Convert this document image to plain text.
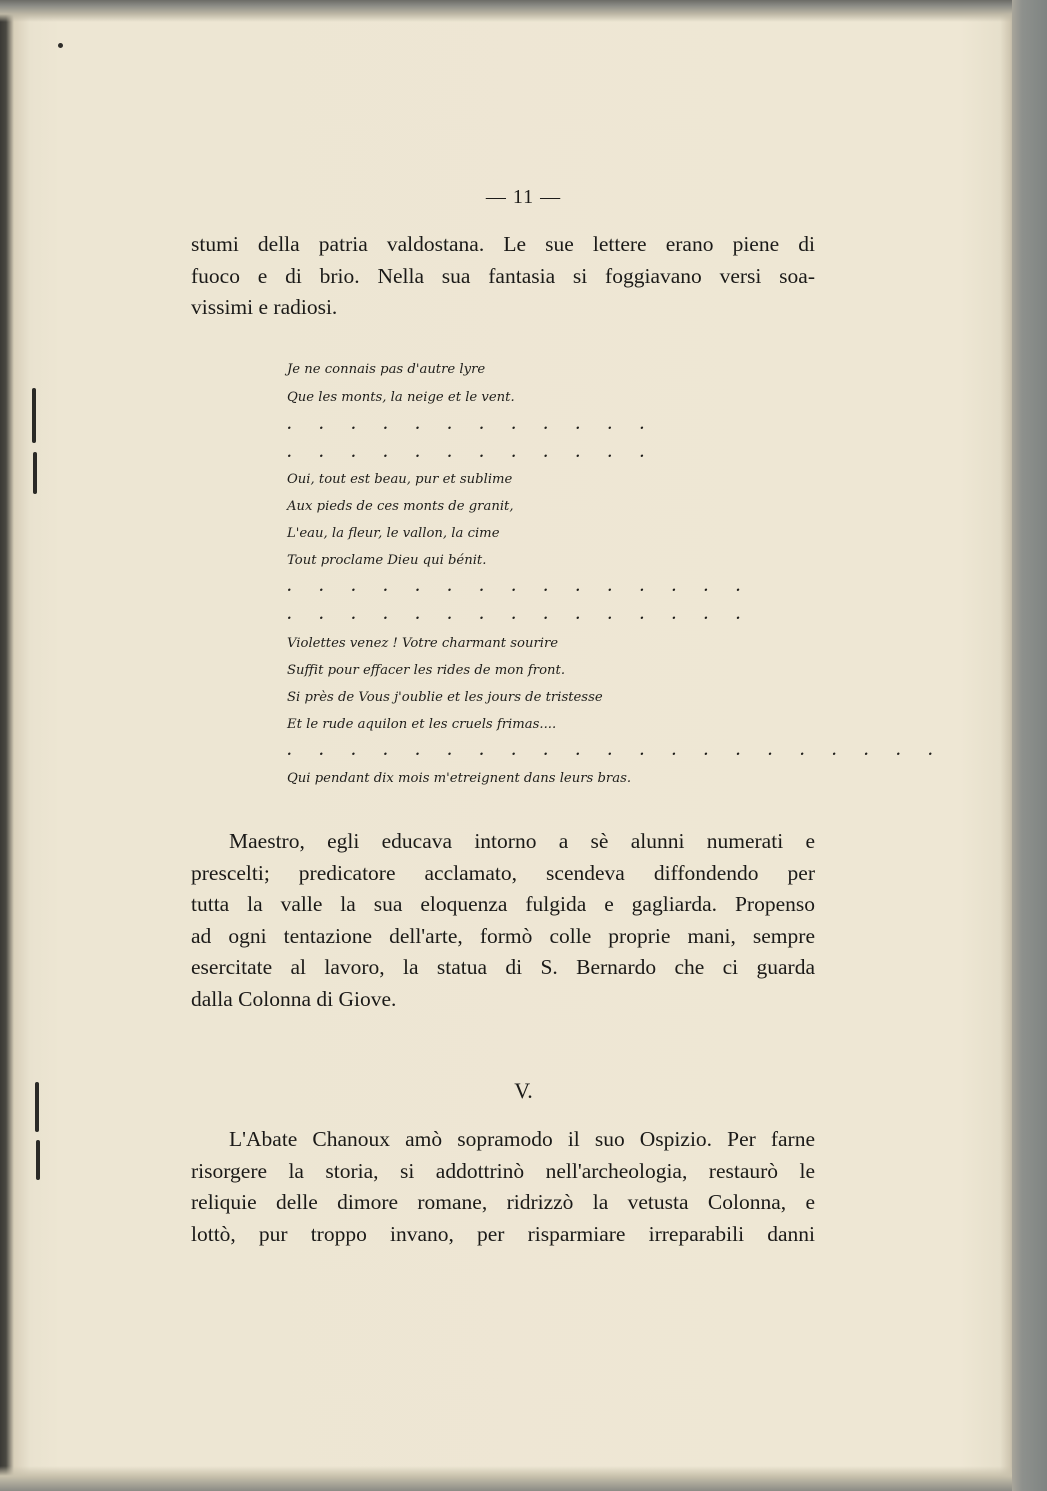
— 11 —
stumi della patria valdostana. Le sue lettere erano piene di
fuoco e di brio. Nella sua fantasia si foggiavano versi soa-
vissimi e radiosi.
Je ne connais pas d'autre lyre
Que les monts, la neige et le vent.
. . . . . . . . . . . .
. . . . . . . . . . . .
Oui, tout est beau, pur et sublime
Aux pieds de ces monts de granit,
L'eau, la fleur, le vallon, la cime
Tout proclame Dieu qui bénit.
. . . . . . . . . . . . . . .
. . . . . . . . . . . . . . .
Violettes venez ! Votre charmant sourire
Suffit pour effacer les rides de mon front.
Si près de Vous j'oublie et les jours de tristesse
Et le rude aquilon et les cruels frimas....
. . . . . . . . . . . . . . . . . . . . .
Qui pendant dix mois m'etreignent dans leurs bras.
Maestro, egli educava intorno a sè alunni numerati e
prescelti; predicatore acclamato, scendeva diffondendo per
tutta la valle la sua eloquenza fulgida e gagliarda. Propenso
ad ogni tentazione dell'arte, formò colle proprie mani, sempre
esercitate al lavoro, la statua di S. Bernardo che ci guarda
dalla Colonna di Giove.
V.
L'Abate Chanoux amò sopramodo il suo Ospizio. Per farne
risorgere la storia, si addottrinò nell'archeologia, restaurò le
reliquie delle dimore romane, ridrizzò la vetusta Colonna, e
lottò, pur troppo invano, per risparmiare irreparabili danni
